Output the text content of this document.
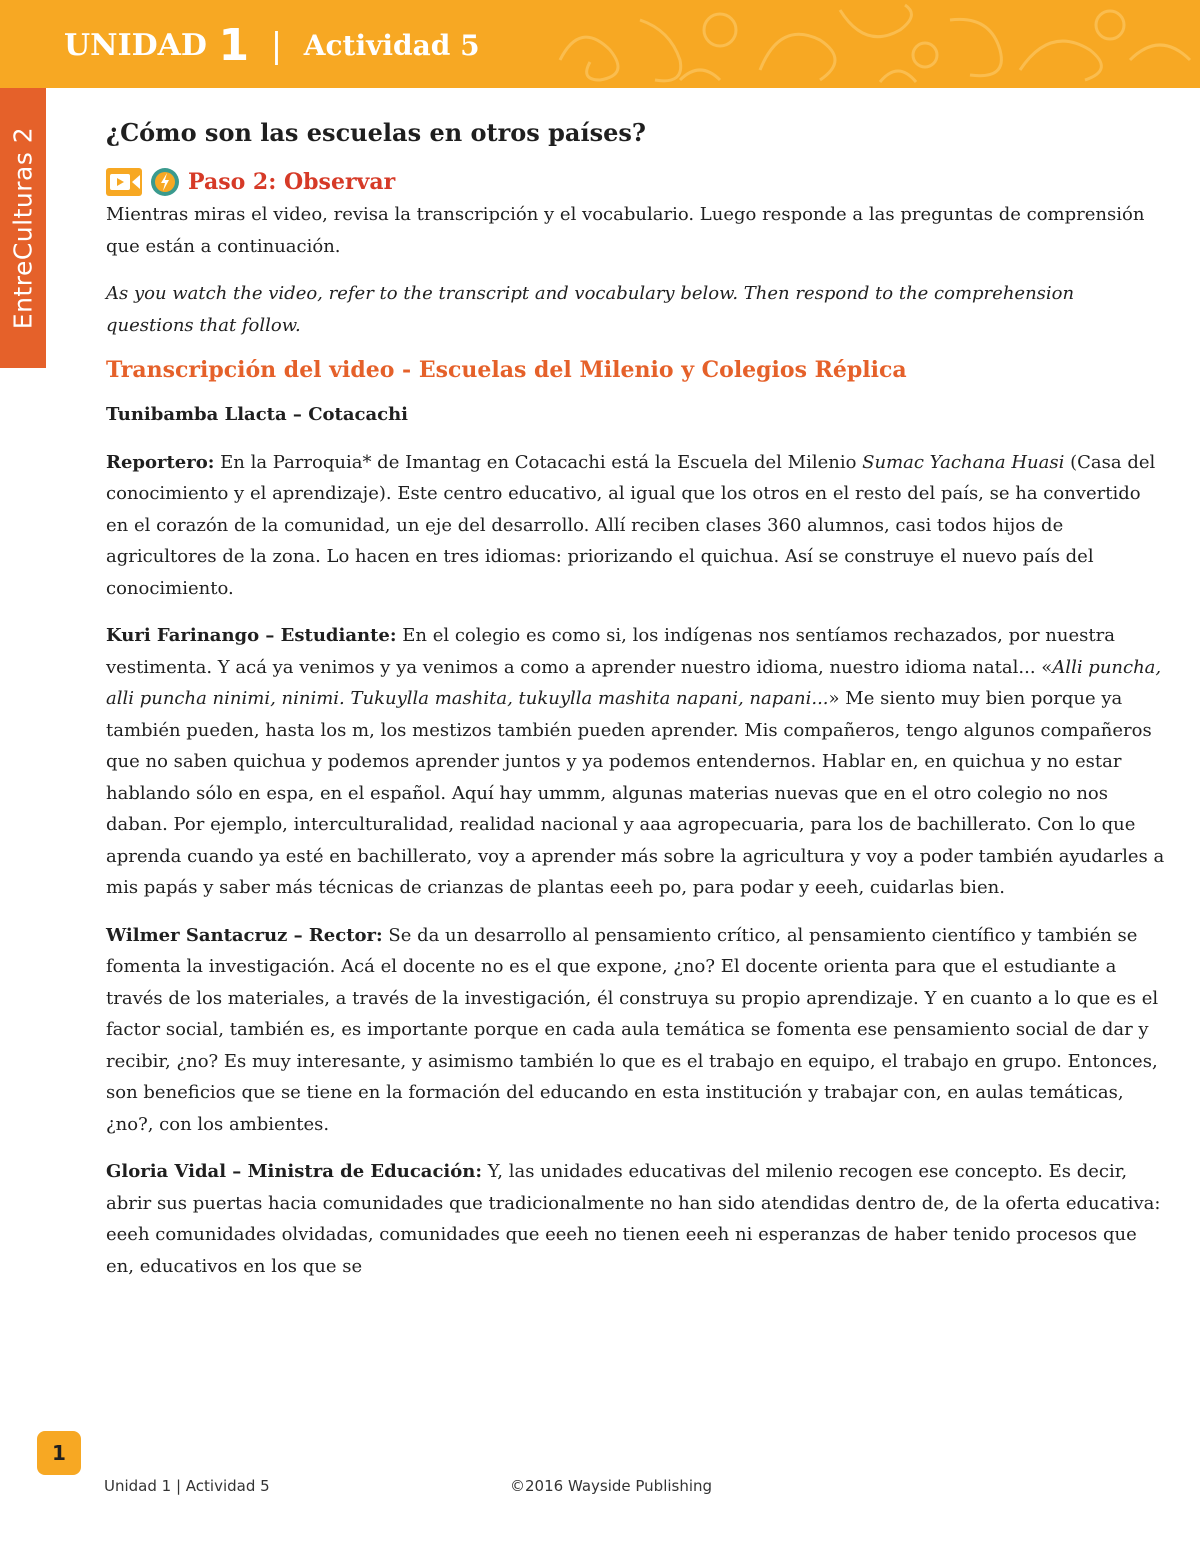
UNIDAD 1 | Actividad 5
EntreCulturas 2	¿Cómo son las escuelas en otros países?
Paso 2: Observar

Mientras miras el video, revisa la transcripción y el vocabulario. Luego responde a las preguntas de comprensión que están a continuación.

As you watch the video, refer to the transcript and vocabulary below. Then respond to the comprehension questions that follow.

Transcripción del video - Escuelas del Milenio y Colegios Réplica

Tunibamba Llacta – Cotacachi

Reportero: En la Parroquia* de Imantag en Cotacachi está la Escuela del Milenio Sumac Yachana Huasi (Casa del conocimiento y el aprendizaje). Este centro educativo, al igual que los otros en el resto del país, se ha convertido en el corazón de la comunidad, un eje del desarrollo. Allí reciben clases 360 alumnos, casi todos hijos de agricultores de la zona. Lo hacen en tres idiomas: priorizando el quichua. Así se construye el nuevo país del conocimiento.

Kuri Farinango – Estudiante: En el colegio es como si, los indígenas nos sentíamos rechazados, por nuestra vestimenta. Y acá ya venimos y ya venimos a como a aprender nuestro idioma, nuestro idioma natal... «Alli puncha, alli puncha ninimi, ninimi. Tukuylla mashita, tukuylla mashita napani, napani...» Me siento muy bien porque ya también pueden, hasta los m, los mestizos también pueden aprender. Mis compañeros, tengo algunos compañeros que no saben quichua y podemos aprender juntos y ya podemos entendernos. Hablar en, en quichua y no estar hablando sólo en espa, en el español. Aquí hay ummm, algunas materias nuevas que en el otro colegio no nos daban. Por ejemplo, interculturalidad, realidad nacional y aaa agropecuaria, para los de bachillerato. Con lo que aprenda cuando ya esté en bachillerato, voy a aprender más sobre la agricultura y voy a poder también ayudarles a mis papás y saber más técnicas de crianzas de plantas eeeh po, para podar y eeeh, cuidarlas bien.

Wilmer Santacruz – Rector: Se da un desarrollo al pensamiento crítico, al pensamiento científico y también se fomenta la investigación. Acá el docente no es el que expone, ¿no? El docente orienta para que el estudiante a través de los materiales, a través de la investigación, él construya su propio aprendizaje. Y en cuanto a lo que es el factor social, también es, es importante porque en cada aula temática se fomenta ese pensamiento social de dar y recibir, ¿no? Es muy interesante, y asimismo también lo que es el trabajo en equipo, el trabajo en grupo. Entonces, son beneficios que se tiene en la formación del educando en esta institución y trabajar con, en aulas temáticas, ¿no?, con los ambientes.

Gloria Vidal – Ministra de Educación: Y, las unidades educativas del milenio recogen ese concepto. Es decir, abrir sus puertas hacia comunidades que tradicionalmente no han sido atendidas dentro de, de la oferta educativa: eeeh comunidades olvidadas, comunidades que eeeh no tienen eeeh ni esperanzas de haber tenido procesos que en, educativos en los que se

1
Unidad 1 | Actividad 5	©2016 Wayside Publishing
